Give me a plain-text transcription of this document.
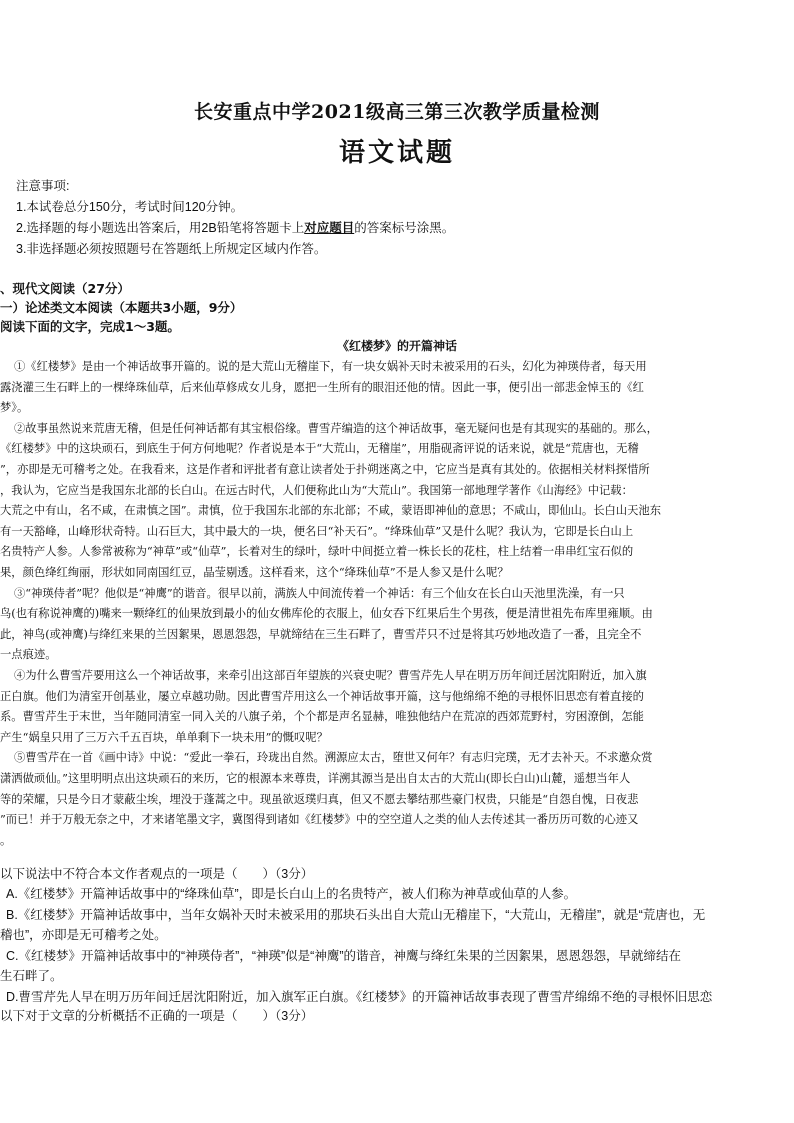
长安重点中学2021级高三第三次教学质量检测
语文试题
注意事项:
1.本试卷总分150分，考试时间120分钟。
2.选择题的每小题选出答案后，用2B铅笔将答题卡上对应题目的答案标号涂黑。
3.非选择题必须按照题号在答题纸上所规定区域内作答。
、现代文阅读（27分）
一）论述类文本阅读（本题共3小题，9分）
阅读下面的文字，完成1～3题。
《红楼梦》的开篇神话
①《红楼梦》是由一个神话故事开篇的。说的是大荒山无稽崖下，有一块女娲补天时未被采用的石头，幻化为神瑛侍者，每天用
露浇灌三生石畔上的一棵绛珠仙草，后来仙草修成女儿身，愿把一生所有的眼泪还他的情。因此一事，便引出一部悲金悼玉的《红
梦》。
②故事虽然说来荒唐无稽，但是任何神话都有其宝根俗缘。曹雪芹编造的这个神话故事，毫无疑问也是有其现实的基础的。那么，
《红楼梦》中的这块顽石，到底生于何方何地呢？作者说是本于“大荒山，无稽崖”，用脂砚斋评说的话来说，就是“荒唐也，无稽
”，亦即是无可稽考之处。在我看来，这是作者和评批者有意让读者处于扑朔迷离之中，它应当是真有其处的。依据相关材料探惜所
，我认为，它应当是我国东北部的长白山。在远古时代，人们便称此山为“大荒山”。我国第一部地理学著作《山海经》中记载：
大荒之中有山，名不咸，在肃慎之国”。肃慎，位于我国东北部的东北部；不咸，蒙语即神仙的意思；不咸山，即仙山。长白山天池东
有一天豁峰，山峰形状奇特。山石巨大，其中最大的一块，便名曰“补天石”。“绛珠仙草”又是什么呢？我认为，它即是长白山上
名贵特产人参。人参常被称为“神草”或“仙草”，长着对生的绿叶，绿叶中间挺立着一株长长的花柱，柱上结着一串串红宝石似的
果，颜色绛红绚丽，形状如同南国红豆，晶莹剔透。这样看来，这个“绛珠仙草”不是人参又是什么呢？
③“神瑛侍者”呢？他似是“神鹰”的谐音。很早以前，满族人中间流传着一个神话：有三个仙女在长白山天池里洗澡，有一只
鸟(也有称说神鹰的)嘴来一颗绛红的仙果放到最小的仙女佛库伦的衣服上，仙女吞下红果后生个男孩，便是清世祖先布库里雍顺。由
此，神鸟(或神鹰)与绛红来果的兰因絮果，恩恩怨怨，早就缔结在三生石畔了，曹雪芹只不过是将其巧妙地改造了一番，且完全不
一点痕迹。
④为什么曹雪芹要用这么一个神话故事，来牵引出这部百年望族的兴衰史呢？曹雪芹先人早在明万历年间迁居沈阳附近，加入旗
正白旗。他们为清室开创基业，屡立卓越功勋。因此曹雪芹用这么一个神话故事开篇，这与他绵绵不绝的寻根怀旧思恋有着直接的
系。曹雪芹生于末世，当年随同清室一同入关的八旗子弟，个个都是声名显赫，唯独他结户在荒凉的西郊荒野村，穷困潦倒，怎能
产生“娲皇只用了三万六千五百块，单单剩下一块未用”的慨叹呢？
⑤曹雪芹在一首《画中诗》中说：“爱此一拳石，玲珑出自然。溯源应太古，堕世又何年？有志归完璞，无才去补天。不求邀众赏
潇洒做顽仙。”这里明明点出这块顽石的来历，它的根源本来尊贵，详溯其源当是出自太古的大荒山(即长白山)山麓，遥想当年人
等的荣耀，只是今日才蒙蔽尘埃，埋没于蓬蒿之中。现虽欲返璞归真，但又不愿去攀结那些豪门权贵，只能是“自怨自愧，日夜悲
”而已！并于万般无奈之中，才来诸笔墨文字，冀图得到诸如《红楼梦》中的空空道人之类的仙人去传述其一番历历可数的心迹又
。
以下说法中不符合本文作者观点的一项是（　　）（3分）
A.《红楼梦》开篇神话故事中的“绛珠仙草”，即是长白山上的名贵特产，被人们称为神草或仙草的人参。
B.《红楼梦》开篇神话故事中，当年女娲补天时未被采用的那块石头出自大荒山无稽崖下，“大荒山，无稽崖”，就是“荒唐也，无
稽也”，亦即是无可稽考之处。
C.《红楼梦》开篇神话故事中的“神瑛侍者”，“神瑛”似是“神鹰”的谐音，神鹰与绛红朱果的兰因絮果，恩恩怨怨，早就缔结在
生石畔了。
D.曹雪芹先人早在明万历年间迁居沈阳附近，加入旗军正白旗。《红楼梦》的开篇神话故事表现了曹雪芹绵绵不绝的寻根怀旧思恋
以下对于文章的分析概括不正确的一项是（　　）（3分）
